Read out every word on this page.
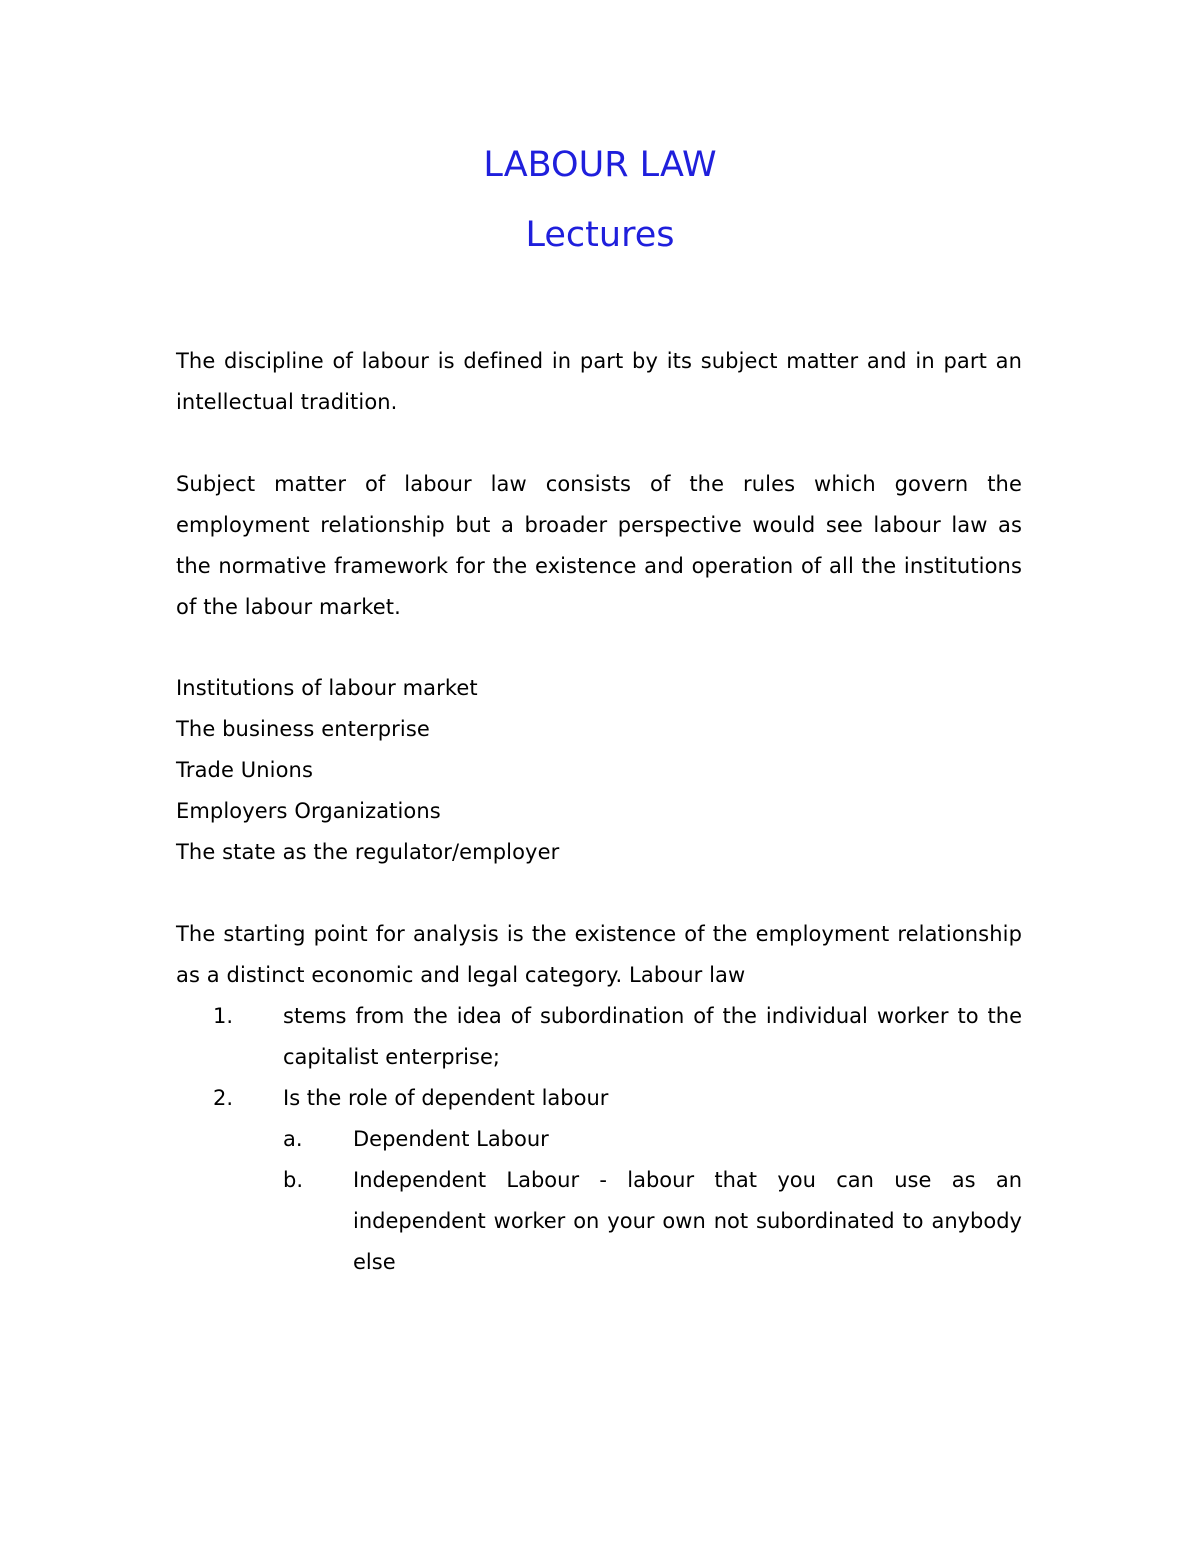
LABOUR LAW
Lectures

The discipline of labour is defined in part by its subject matter and in part an intellectual tradition.

Subject matter of labour law consists of the rules which govern the employment relationship but a broader perspective would see labour law as the normative framework for the existence and operation of all the institutions of the labour market.

Institutions of labour market
The business enterprise
Trade Unions
Employers Organizations
The state as the regulator/employer

The starting point for analysis is the existence of the employment relationship as a distinct economic and legal category. Labour law

1. stems from the idea of subordination of the individual worker to the capitalist enterprise;
2. Is the role of dependent labour
a. Dependent Labour
b. Independent Labour - labour that you can use as an independent worker on your own not subordinated to anybody else
